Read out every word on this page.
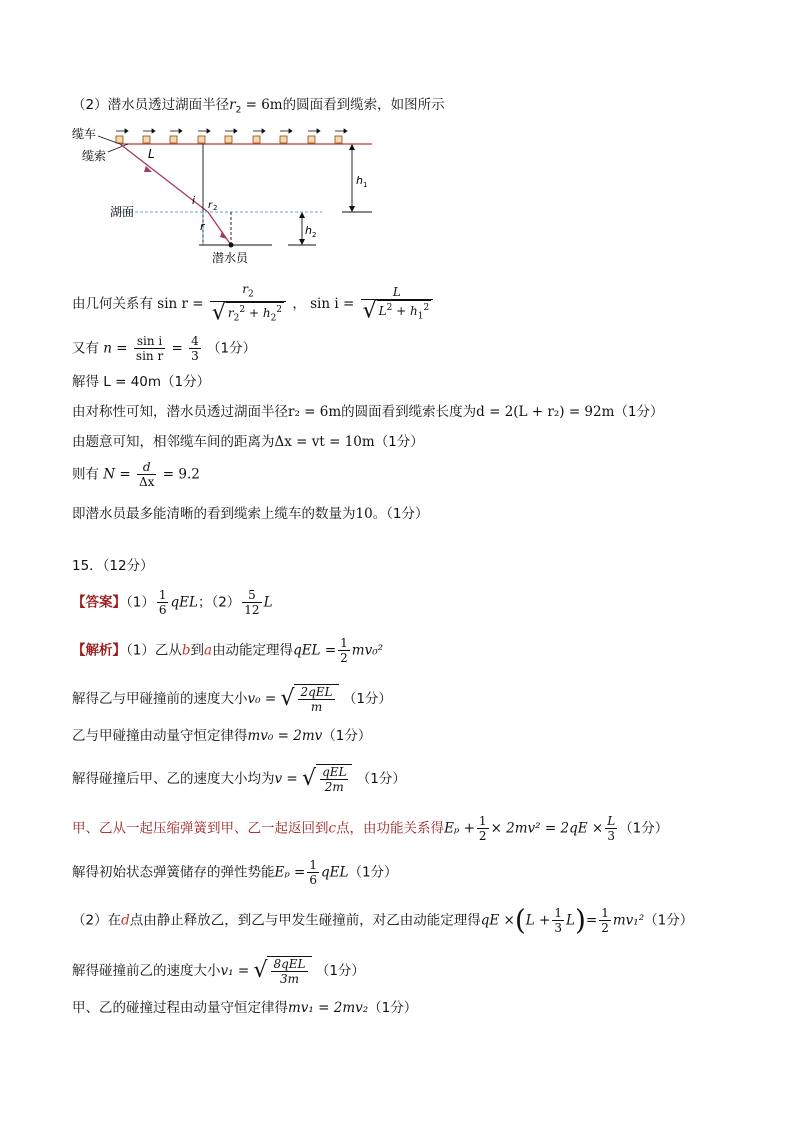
（2）潜水员透过湖面半径$r_2 = 6m$的圆面看到缆索，如图所示
缆车
缆索	L
h 1
湖面
i r 2
r	h 2
潜水员
由几何关系有 $\sin r = \frac{r_2}{√ r_2^2 + h_2^2}$ ， $\sin i = \frac{L}{√ L^2 + h_1^2}$
又有 $n = \frac{\text{sin i}}{\text{sin r}} = \frac{4}{3} (1$分）
解得 L = 40m（1分）
由对称性可知，潜水员透过湖面半径r₂ = 6m的圆面看到缆索长度为d = 2(L + r₂) = 92m（1分）
由题意可知，相邻缆车间的距离为Δx = vt = 10m（1分）
则有 $N = \frac{d}{\Delta x} = 9.2$
即潜水员最多能清晰的看到缆索上缆车的数量为10。（1分）
15．（12分）
【答案】$(1) \frac{1}{6}$ qEL；$(2) \frac{5}{12}$ L
【解析】（1）乙从b到a由动能定理得qEL = $\frac{1}{2} mv_0^2$
解得乙与甲碰撞前的速度大小v₀ = √ 2qEL
m	（1分）
乙与甲碰撞由动量守恒定律得mv₀ = 2mv（1分）
解得碰撞后甲、乙的速度大小均为v = √ qEL
2m （1分）
甲、乙从一起压缩弹簧到甲、乙一起返回到c点，由功能关系得$E_p + \frac{1}{2} \times 2mv^2 = 2qE \times \frac{L}{3} (1$分）
解得初始状态弹簧储存的弹性势能$E_p = \frac{1}{6} qEL(1$分）
（2）在d点由静止释放乙，到乙与甲发生碰撞前，对乙由动能定理得qE $\times(L + \frac{1}{3} L)= \frac{1}{2} mv_1^2(1$分）
解得碰撞前乙的速度大小v₁ = √ 8qEL
3m	（1分）
甲、乙的碰撞过程由动量守恒定律得mv₁ = 2mv₂（1分）
